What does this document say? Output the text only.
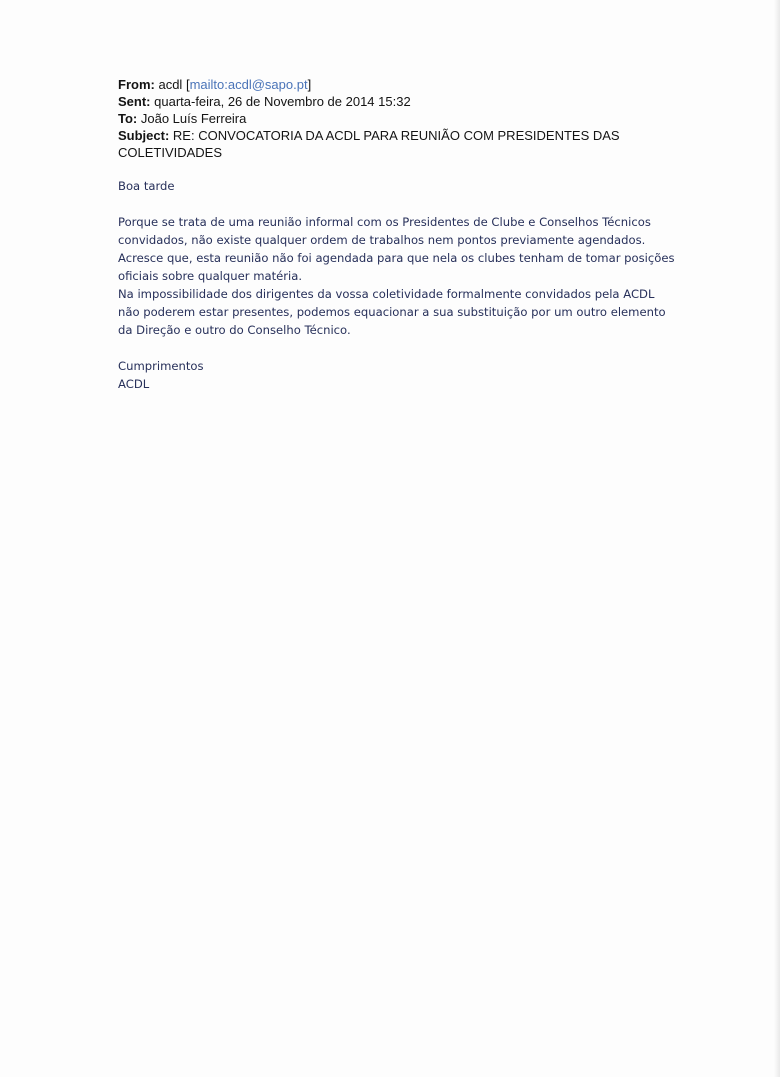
From: acdl [mailto:acdl@sapo.pt]
Sent: quarta-feira, 26 de Novembro de 2014 15:32
To: João Luís Ferreira
Subject: RE: CONVOCATORIA DA ACDL PARA REUNIÃO COM PRESIDENTES DAS
COLETIVIDADES
Boa tarde
Porque se trata de uma reunião informal com os Presidentes de Clube e Conselhos Técnicos
convidados, não existe qualquer ordem de trabalhos nem pontos previamente agendados.
Acresce que, esta reunião não foi agendada para que nela os clubes tenham de tomar posições
oficiais sobre qualquer matéria.
Na impossibilidade dos dirigentes da vossa coletividade formalmente convidados pela ACDL
não poderem estar presentes, podemos equacionar a sua substituição por um outro elemento
da Direção e outro do Conselho Técnico.
Cumprimentos
ACDL
